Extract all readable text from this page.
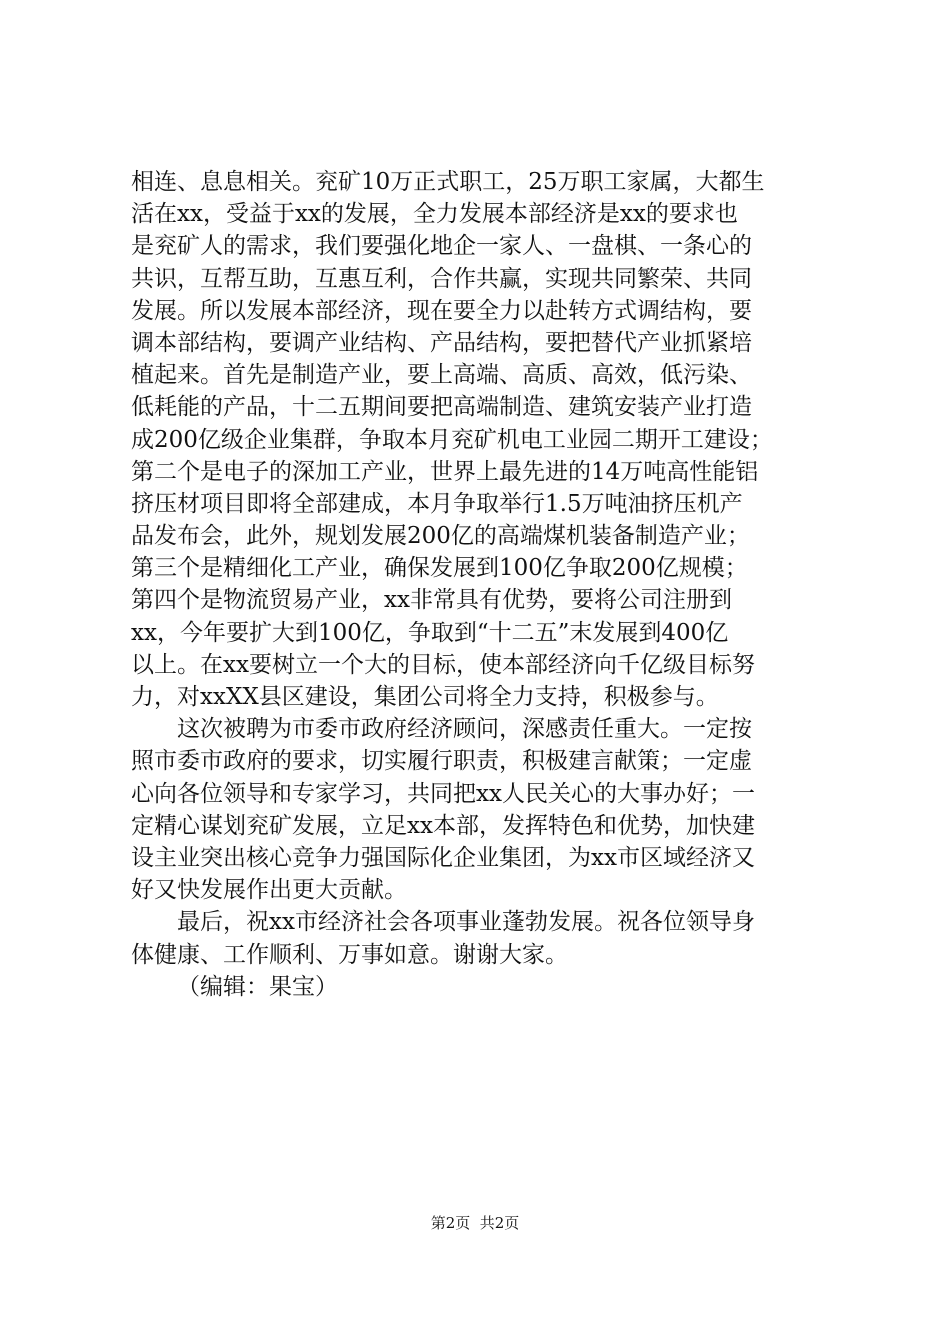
相连、息息相关。兖矿10万正式职工，25万职工家属，大都生
活在xx，受益于xx的发展，全力发展本部经济是xx的要求也
是兖矿人的需求，我们要强化地企一家人、一盘棋、一条心的
共识，互帮互助，互惠互利，合作共赢，实现共同繁荣、共同
发展。所以发展本部经济，现在要全力以赴转方式调结构，要
调本部结构，要调产业结构、产品结构，要把替代产业抓紧培
植起来。首先是制造产业，要上高端、高质、高效，低污染、
低耗能的产品，十二五期间要把高端制造、建筑安装产业打造
成200亿级企业集群，争取本月兖矿机电工业园二期开工建设；
第二个是电子的深加工产业，世界上最先进的14万吨高性能铝
挤压材项目即将全部建成，本月争取举行1.5万吨油挤压机产
品发布会，此外，规划发展200亿的高端煤机装备制造产业；
第三个是精细化工产业，确保发展到100亿争取200亿规模；
第四个是物流贸易产业，xx非常具有优势，要将公司注册到
xx，今年要扩大到100亿，争取到“十二五”末发展到400亿
以上。在xx要树立一个大的目标，使本部经济向千亿级目标努
力，对xxXX县区建设，集团公司将全力支持，积极参与。
这次被聘为市委市政府经济顾问，深感责任重大。一定按
照市委市政府的要求，切实履行职责，积极建言献策；一定虚
心向各位领导和专家学习，共同把xx人民关心的大事办好；一
定精心谋划兖矿发展，立足xx本部，发挥特色和优势，加快建
设主业突出核心竞争力强国际化企业集团，为xx市区域经济又
好又快发展作出更大贡献。
最后，祝xx市经济社会各项事业蓬勃发展。祝各位领导身
体健康、工作顺利、万事如意。谢谢大家。
（编辑：果宝）
第2页  共2页
